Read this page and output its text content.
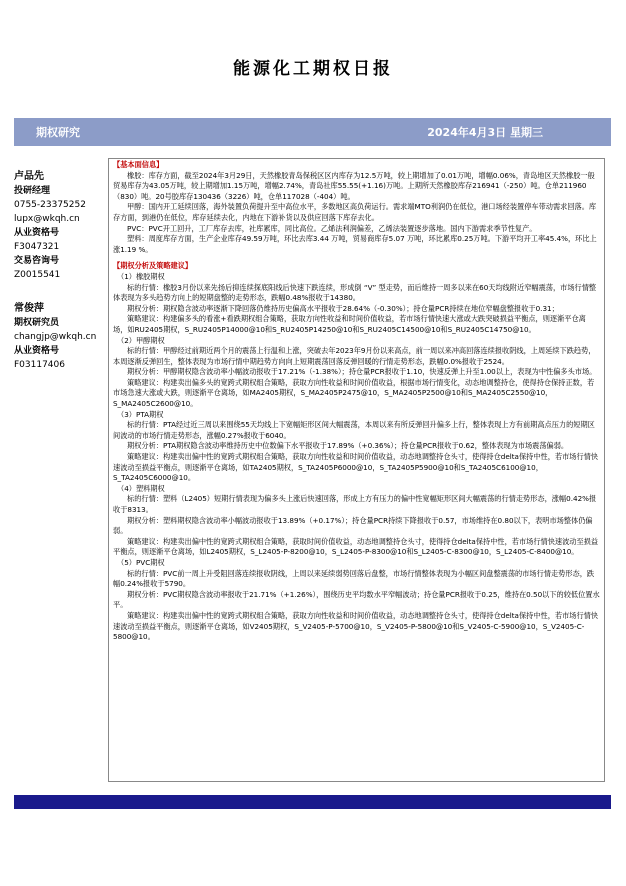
能源化工期权日报
期权研究	2024年4月3日 星期三
卢品先
投研经理
0755-23375252
lupx@wkqh.cn
从业资格号
F3047321
交易咨询号
Z0015541
常俊萍
期权研究员
changjp@wkqh.cn
从业资格号
F03117406

【基本面信息】

橡胶：库存方面，截至2024年3月29日，天然橡胶青岛保税区区内库存为12.5万吨，较上期增加了0.01万吨，增幅0.06%，青岛地区天然橡胶一般贸易库存为43.05万吨，较上期增加1.15万吨，增幅2.74%，青岛社库55.55(+1.16)万吨。上期所天然橡胶库存216941（-250）吨。仓单211960（830）吨。20号胶库存130436（3226）吨，仓单117028（-404）吨。

甲醇：国内开工延续回落，海外装置负荷提升至中高位水平，多数地区高负荷运行。需求端MTO利润仍在低位，港口场经装置停车带动需求回落。库存方面，到港仍在低位，库存延续去化，内地在下游补货以及供应回落下库存去化。

PVC：PVC开工回升，工厂库存去库，社库累库，同比高位。乙烯法利润偏差，乙烯法装置逐步落地。国内下游需求季节性复产。

塑料：周度库存方面，生产企业库存49.59万吨，环比去库3.44 万吨，贸易商库存5.07 万吨，环比累库0.25万吨。下游平均开工率45.4%，环比上涨1.19 %。

【期权分析及策略建议】

（1）橡胶期权

标的行情：橡胶3月份以来先扬后抑连续探底阳线后快速下跌连续，形成倒 “V” 型走势，而后维持一周多以来在60天均线附近窄幅震荡，市场行情整体表现为多头趋势方向上的短期盘整的走势形态，跌幅0.48%报收于14380。

期权分析：期权隐含波动率逐渐下降回落仍维持历史偏高水平报收于28.64%（-0.30%）；持仓量PCR持续在地位窄幅盘整报收于0.31；

策略建议：构建偏多头的看涨+看跌期权组合策略，获取方向性收益和时间价值收益，若市场行情快速大涨或大跌突破损益平衡点，则逐渐平仓离场，如RU2405期权，S_RU2405P14000@10和S_RU2405P14250@10和S_RU2405C14500@10和S_RU2405C14750@10。

（2）甲醇期权

标的行情：甲醇经过前期近两个月的震荡上行温和上涨，突破去年2023年9月份以来高点，前一周以来冲高回落连续报收阴线，上周延续下跌趋势，本周逐渐反弹回生，整体表现为市场行情中期趋势方向向上短期震荡回落反弹回暖的行情走势形态，跌幅0.0%报收于2524。

期权分析：甲醇期权隐含波动率小幅波动报收于17.21%（-1.38%）；持仓量PCR报收于1.10，快速反弹上升至1.00以上，表现为中性偏多头市场。

策略建议：构建卖出偏多头的宽跨式期权组合策略，获取方向性收益和时间价值收益，根据市场行情变化，动态地调整持仓，使得持仓保持正数，若市场急速大涨或大跌，则逐渐平仓离场，如MA2405期权，S_MA2405P2475@10，S_MA2405P2500@10和S_MA2405C2550@10，S_MA2405C2600@10。

（3）PTA期权

标的行情：PTA经过近三周以来围绕55天均线上下宽幅矩形区间大幅震荡，本周以来有所反弹回升偏多上行，整体表现上方有前期高点压力的短期区间波动的市场行情走势形态，涨幅0.27%报收于6040。

期权分析：PTA期权隐含波动率维持历史中位数偏下水平报收于17.89%（+0.36%）；持仓量PCR报收于0.62，整体表现为市场震荡偏弱。

策略建议：构建卖出偏中性的宽跨式期权组合策略，获取方向性收益和时间价值收益，动态地调整持仓头寸，使得持仓delta保持中性，若市场行情快速波动至损益平衡点，则逐渐平仓离场，如TA2405期权，S_TA2405P6000@10，S_TA2405P5900@10和S_TA2405C6100@10，S_TA2405C6000@10。

（4）塑料期权

标的行情：塑料（L2405）短期行情表现为偏多头上涨后快速回落，形成上方有压力的偏中性宽幅矩形区间大幅震荡的行情走势形态，涨幅0.42%报收于8313。

期权分析：塑料期权隐含波动率小幅波动报收于13.89%（+0.17%）；持仓量PCR持续下降报收于0.57，市场维持在0.80以下，表明市场整体仍偏弱。

策略建议：构建卖出偏中性的宽跨式期权组合策略，获取时间价值收益，动态地调整持仓头寸，使得持仓delta保持中性，若市场行情快速波动至损益平衡点，则逐渐平仓离场，如L2405期权，S_L2405-P-8200@10，S_L2405-P-8300@10和S_L2405-C-8300@10，S_L2405-C-8400@10。

（5）PVC期权

标的行情：PVC前一周上升受阻回落连续报收阴线，上周以来延续弱势回落后盘整，市场行情整体表现为小幅区间盘整震荡的市场行情走势形态，跌幅0.24%报收于5790。

期权分析：PVC期权隐含波动率报收于21.71%（+1.26%），围绕历史平均数水平窄幅波动；持仓量PCR报收于0.25，维持在0.50以下的较低位置水平。

策略建议：构建卖出偏中性的宽跨式期权组合策略，获取方向性收益和时间价值收益，动态地调整持仓头寸，使得持仓delta保持中性，若市场行情快速波动至损益平衡点，则逐渐平仓离场，如V2405期权，S_V2405-P-5700@10，S_V2405-P-5800@10和S_V2405-C-5900@10，S_V2405-C-5800@10。
